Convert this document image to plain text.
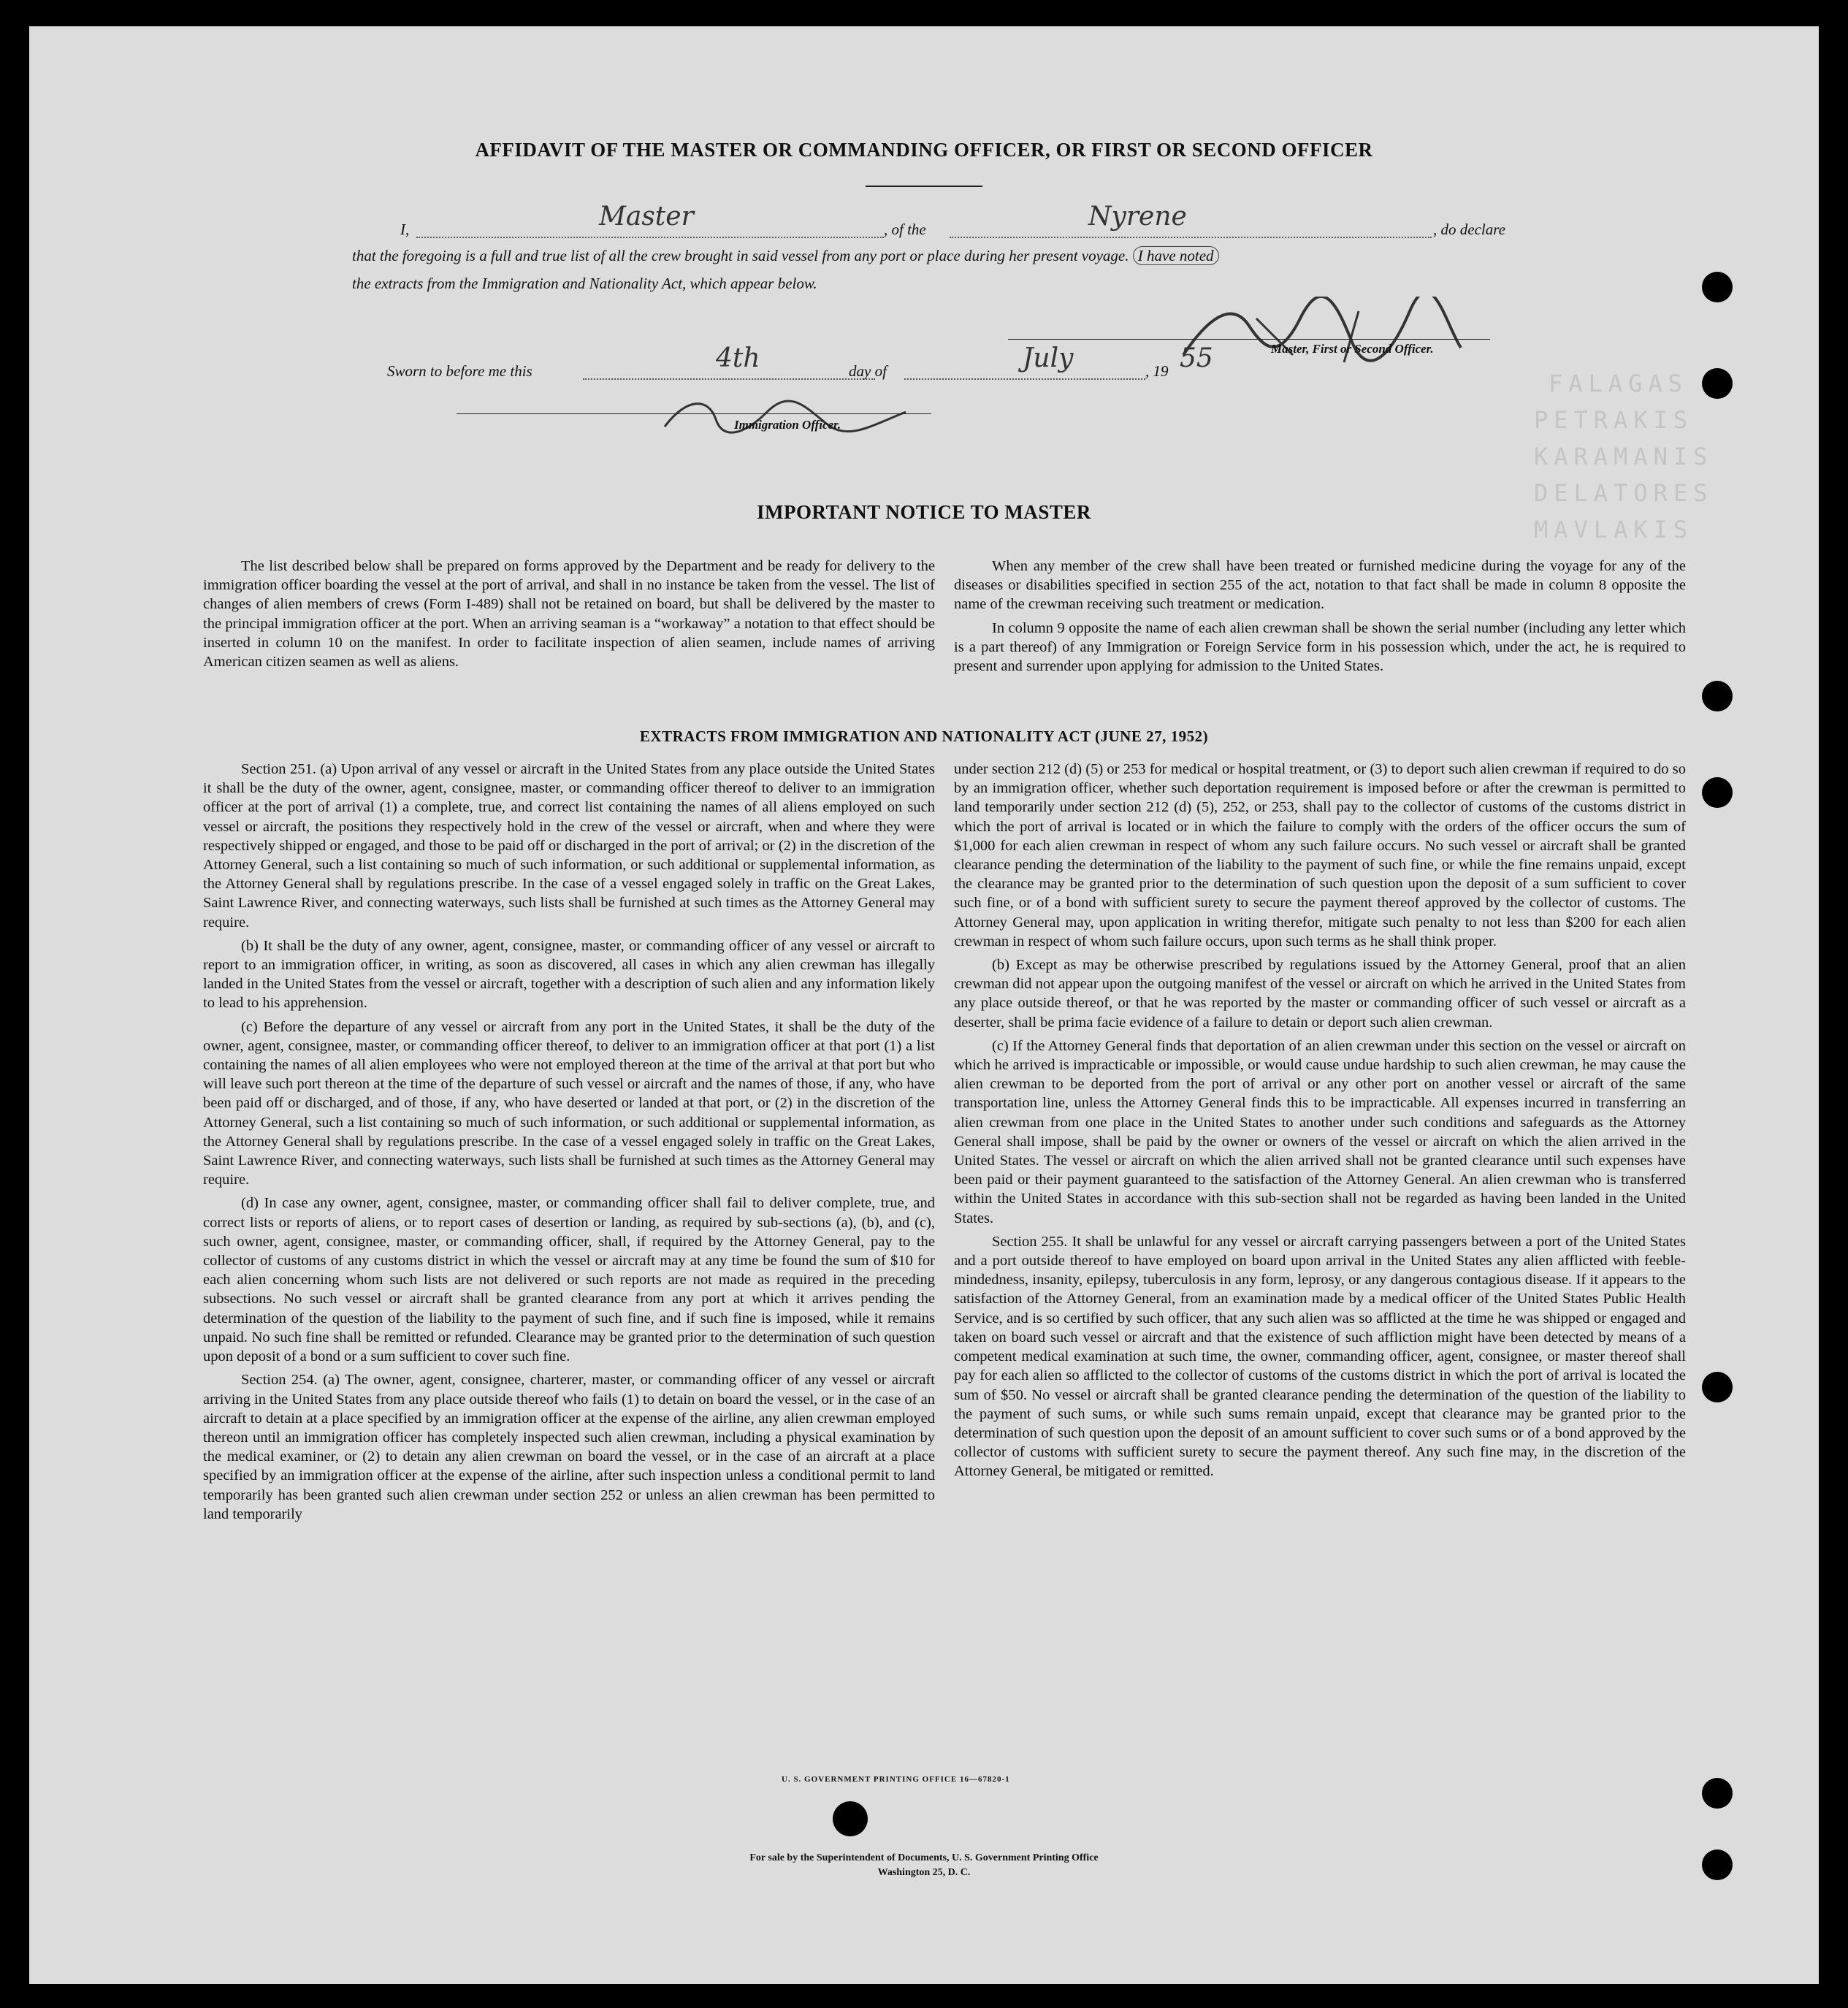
FALAGAS
PETRAKIS
KARAMANIS
DELATORES
MAVLAKIS
AFFIDAVIT OF THE MASTER OR COMMANDING OFFICER, OR FIRST OR SECOND OFFICER
I,	Master	, of the	Nyrene	, do declare
that the foregoing is a full and true list of all the crew brought in said vessel from any port or place during her present voyage. I have noted
the extracts from the Immigration and Nationality Act, which appear below.
Master, First or Second Officer.
Sworn to before me this	4th	day of	July	, 19 55
Immigration Officer.
IMPORTANT NOTICE TO MASTER

The list described below shall be prepared on forms approved by the Department and be ready for delivery to the immigration officer boarding the vessel at the port of arrival, and shall in no instance be taken from the vessel. The list of changes of alien members of crews (Form I-489) shall not be retained on board, but shall be delivered by the master to the principal immigration officer at the port. When an arriving seaman is a “workaway” a notation to that effect should be inserted in column 10 on the manifest. In order to facilitate inspection of alien seamen, include names of arriving American citizen seamen as well as aliens.

When any member of the crew shall have been treated or furnished medicine during the voyage for any of the diseases or disabilities specified in section 255 of the act, notation to that fact shall be made in column 8 opposite the name of the crewman receiving such treatment or medication.

In column 9 opposite the name of each alien crewman shall be shown the serial number (including any letter which is a part thereof) of any Immigration or Foreign Service form in his possession which, under the act, he is required to present and surrender upon applying for admission to the United States.

EXTRACTS FROM IMMIGRATION AND NATIONALITY ACT (JUNE 27, 1952)

Section 251. (a) Upon arrival of any vessel or aircraft in the United States from any place outside the United States it shall be the duty of the owner, agent, consignee, master, or commanding officer thereof to deliver to an immigration officer at the port of arrival (1) a complete, true, and correct list containing the names of all aliens employed on such vessel or aircraft, the positions they respectively hold in the crew of the vessel or aircraft, when and where they were respectively shipped or engaged, and those to be paid off or discharged in the port of arrival; or (2) in the discretion of the Attorney General, such a list containing so much of such information, or such additional or supplemental information, as the Attorney General shall by regulations prescribe. In the case of a vessel engaged solely in traffic on the Great Lakes, Saint Lawrence River, and connecting waterways, such lists shall be furnished at such times as the Attorney General may require.

(b) It shall be the duty of any owner, agent, consignee, master, or commanding officer of any vessel or aircraft to report to an immigration officer, in writing, as soon as discovered, all cases in which any alien crewman has illegally landed in the United States from the vessel or aircraft, together with a description of such alien and any information likely to lead to his apprehension.

(c) Before the departure of any vessel or aircraft from any port in the United States, it shall be the duty of the owner, agent, consignee, master, or commanding officer thereof, to deliver to an immigration officer at that port (1) a list containing the names of all alien employees who were not employed thereon at the time of the arrival at that port but who will leave such port thereon at the time of the departure of such vessel or aircraft and the names of those, if any, who have been paid off or discharged, and of those, if any, who have deserted or landed at that port, or (2) in the discretion of the Attorney General, such a list containing so much of such information, or such additional or supplemental information, as the Attorney General shall by regulations prescribe. In the case of a vessel engaged solely in traffic on the Great Lakes, Saint Lawrence River, and connecting waterways, such lists shall be furnished at such times as the Attorney General may require.

(d) In case any owner, agent, consignee, master, or commanding officer shall fail to deliver complete, true, and correct lists or reports of aliens, or to report cases of desertion or landing, as required by sub-sections (a), (b), and (c), such owner, agent, consignee, master, or commanding officer, shall, if required by the Attorney General, pay to the collector of customs of any customs district in which the vessel or aircraft may at any time be found the sum of $10 for each alien concerning whom such lists are not delivered or such reports are not made as required in the preceding subsections. No such vessel or aircraft shall be granted clearance from any port at which it arrives pending the determination of the question of the liability to the payment of such fine, and if such fine is imposed, while it remains unpaid. No such fine shall be remitted or refunded. Clearance may be granted prior to the determination of such question upon deposit of a bond or a sum sufficient to cover such fine.

Section 254. (a) The owner, agent, consignee, charterer, master, or commanding officer of any vessel or aircraft arriving in the United States from any place outside thereof who fails (1) to detain on board the vessel, or in the case of an aircraft to detain at a place specified by an immigration officer at the expense of the airline, any alien crewman employed thereon until an immigration officer has completely inspected such alien crewman, including a physical examination by the medical examiner, or (2) to detain any alien crewman on board the vessel, or in the case of an aircraft at a place specified by an immigration officer at the expense of the airline, after such inspection unless a conditional permit to land temporarily has been granted such alien crewman under section 252 or unless an alien crewman has been permitted to land temporarily

under section 212 (d) (5) or 253 for medical or hospital treatment, or (3) to deport such alien crewman if required to do so by an immigration officer, whether such deportation requirement is imposed before or after the crewman is permitted to land temporarily under section 212 (d) (5), 252, or 253, shall pay to the collector of customs of the customs district in which the port of arrival is located or in which the failure to comply with the orders of the officer occurs the sum of $1,000 for each alien crewman in respect of whom any such failure occurs. No such vessel or aircraft shall be granted clearance pending the determination of the liability to the payment of such fine, or while the fine remains unpaid, except the clearance may be granted prior to the determination of such question upon the deposit of a sum sufficient to cover such fine, or of a bond with sufficient surety to secure the payment thereof approved by the collector of customs. The Attorney General may, upon application in writing therefor, mitigate such penalty to not less than $200 for each alien crewman in respect of whom such failure occurs, upon such terms as he shall think proper.

(b) Except as may be otherwise prescribed by regulations issued by the Attorney General, proof that an alien crewman did not appear upon the outgoing manifest of the vessel or aircraft on which he arrived in the United States from any place outside thereof, or that he was reported by the master or commanding officer of such vessel or aircraft as a deserter, shall be prima facie evidence of a failure to detain or deport such alien crewman.

(c) If the Attorney General finds that deportation of an alien crewman under this section on the vessel or aircraft on which he arrived is impracticable or impossible, or would cause undue hardship to such alien crewman, he may cause the alien crewman to be deported from the port of arrival or any other port on another vessel or aircraft of the same transportation line, unless the Attorney General finds this to be impracticable. All expenses incurred in transferring an alien crewman from one place in the United States to another under such conditions and safeguards as the Attorney General shall impose, shall be paid by the owner or owners of the vessel or aircraft on which the alien arrived in the United States. The vessel or aircraft on which the alien arrived shall not be granted clearance until such expenses have been paid or their payment guaranteed to the satisfaction of the Attorney General. An alien crewman who is transferred within the United States in accordance with this sub-section shall not be regarded as having been landed in the United States.

Section 255. It shall be unlawful for any vessel or aircraft carrying passengers between a port of the United States and a port outside thereof to have employed on board upon arrival in the United States any alien afflicted with feeble-mindedness, insanity, epilepsy, tuberculosis in any form, leprosy, or any dangerous contagious disease. If it appears to the satisfaction of the Attorney General, from an examination made by a medical officer of the United States Public Health Service, and is so certified by such officer, that any such alien was so afflicted at the time he was shipped or engaged and taken on board such vessel or aircraft and that the existence of such affliction might have been detected by means of a competent medical examination at such time, the owner, commanding officer, agent, consignee, or master thereof shall pay for each alien so afflicted to the collector of customs of the customs district in which the port of arrival is located the sum of $50. No vessel or aircraft shall be granted clearance pending the determination of the question of the liability to the payment of such sums, or while such sums remain unpaid, except that clearance may be granted prior to the determination of such question upon the deposit of an amount sufficient to cover such sums or of a bond approved by the collector of customs with sufficient surety to secure the payment thereof. Any such fine may, in the discretion of the Attorney General, be mitigated or remitted.

U. S. GOVERNMENT PRINTING OFFICE 16—67820-1
For sale by the Superintendent of Documents, U. S. Government Printing Office
Washington 25, D. C.
